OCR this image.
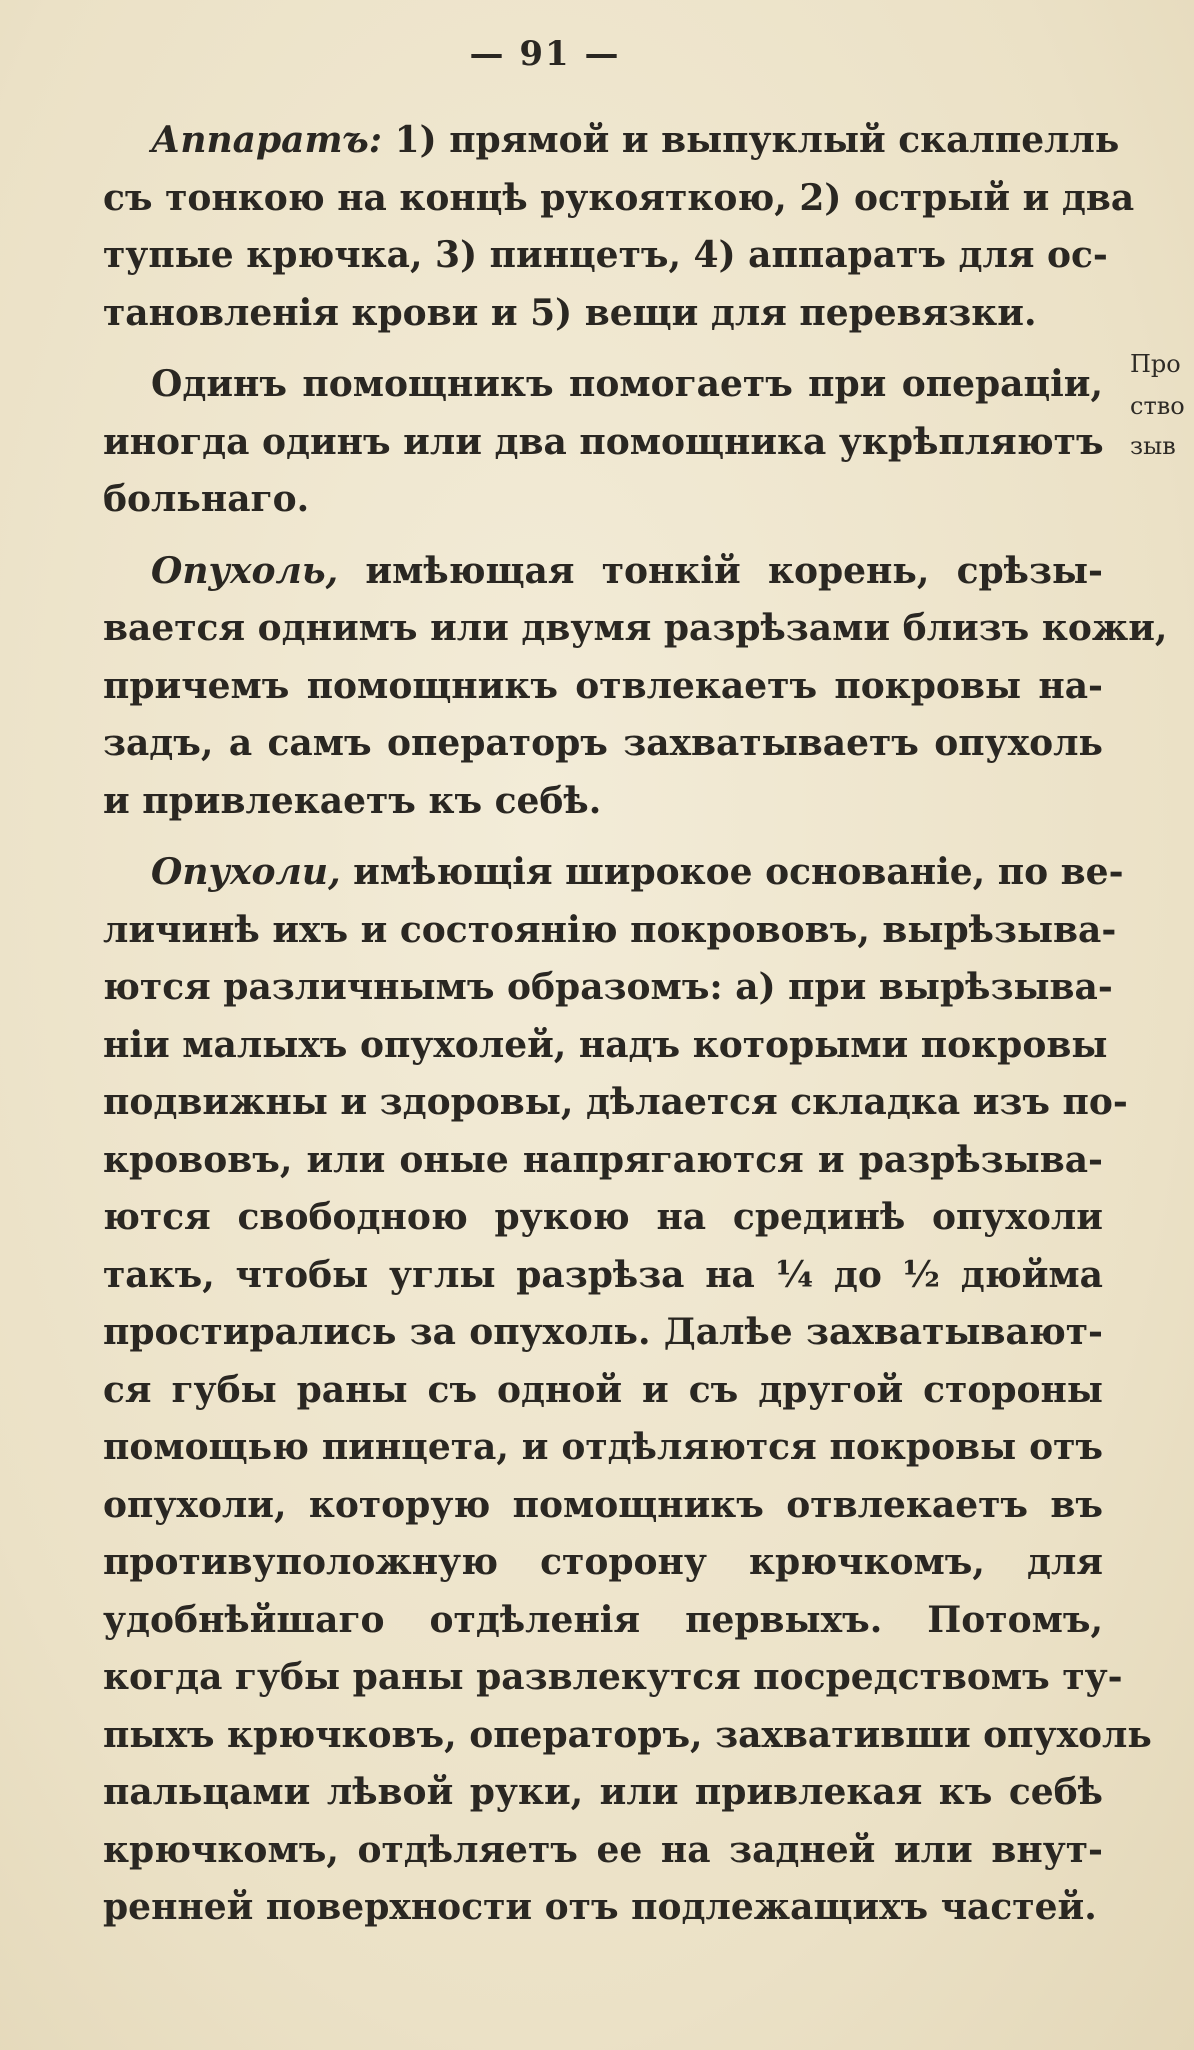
— 91 —
Про
ство
зыв
Аппаратъ: 1) прямой и выпуклый скалпелль
съ тонкою на концѣ рукояткою, 2) острый и два
тупые крючка, 3) пинцетъ, 4) аппаратъ для ос-
тановленія крови и 5) вещи для перевязки.
Одинъ помощникъ помогаетъ при операціи,
иногда одинъ или два помощника укрѣпляютъ
больнаго.
Опухоль, имѣющая тонкій корень, срѣзы-
вается однимъ или двумя разрѣзами близъ кожи,
причемъ помощникъ отвлекаетъ покровы на-
задъ, а самъ операторъ захватываетъ опухоль
и привлекаетъ къ себѣ.
Опухоли, имѣющія широкое основаніе, по ве-
личинѣ ихъ и состоянію покрововъ, вырѣзыва-
ются различнымъ образомъ: а) при вырѣзыва-
ніи малыхъ опухолей, надъ которыми покровы
подвижны и здоровы, дѣлается складка изъ по-
крововъ, или оные напрягаются и разрѣзыва-
ются свободною рукою на срединѣ опухоли
такъ, чтобы углы разрѣза на ¼ до ½ дюйма
простирались за опухоль. Далѣе захватывают-
ся губы раны съ одной и съ другой стороны
помощью пинцета, и отдѣляются покровы отъ
опухоли, которую помощникъ отвлекаетъ въ
противуположную сторону крючкомъ, для
удобнѣйшаго отдѣленія первыхъ. Потомъ,
когда губы раны развлекутся посредствомъ ту-
пыхъ крючковъ, операторъ, захвативши опухоль
пальцами лѣвой руки, или привлекая къ себѣ
крючкомъ, отдѣляетъ ее на задней или внут-
ренней поверхности отъ подлежащихъ частей.
